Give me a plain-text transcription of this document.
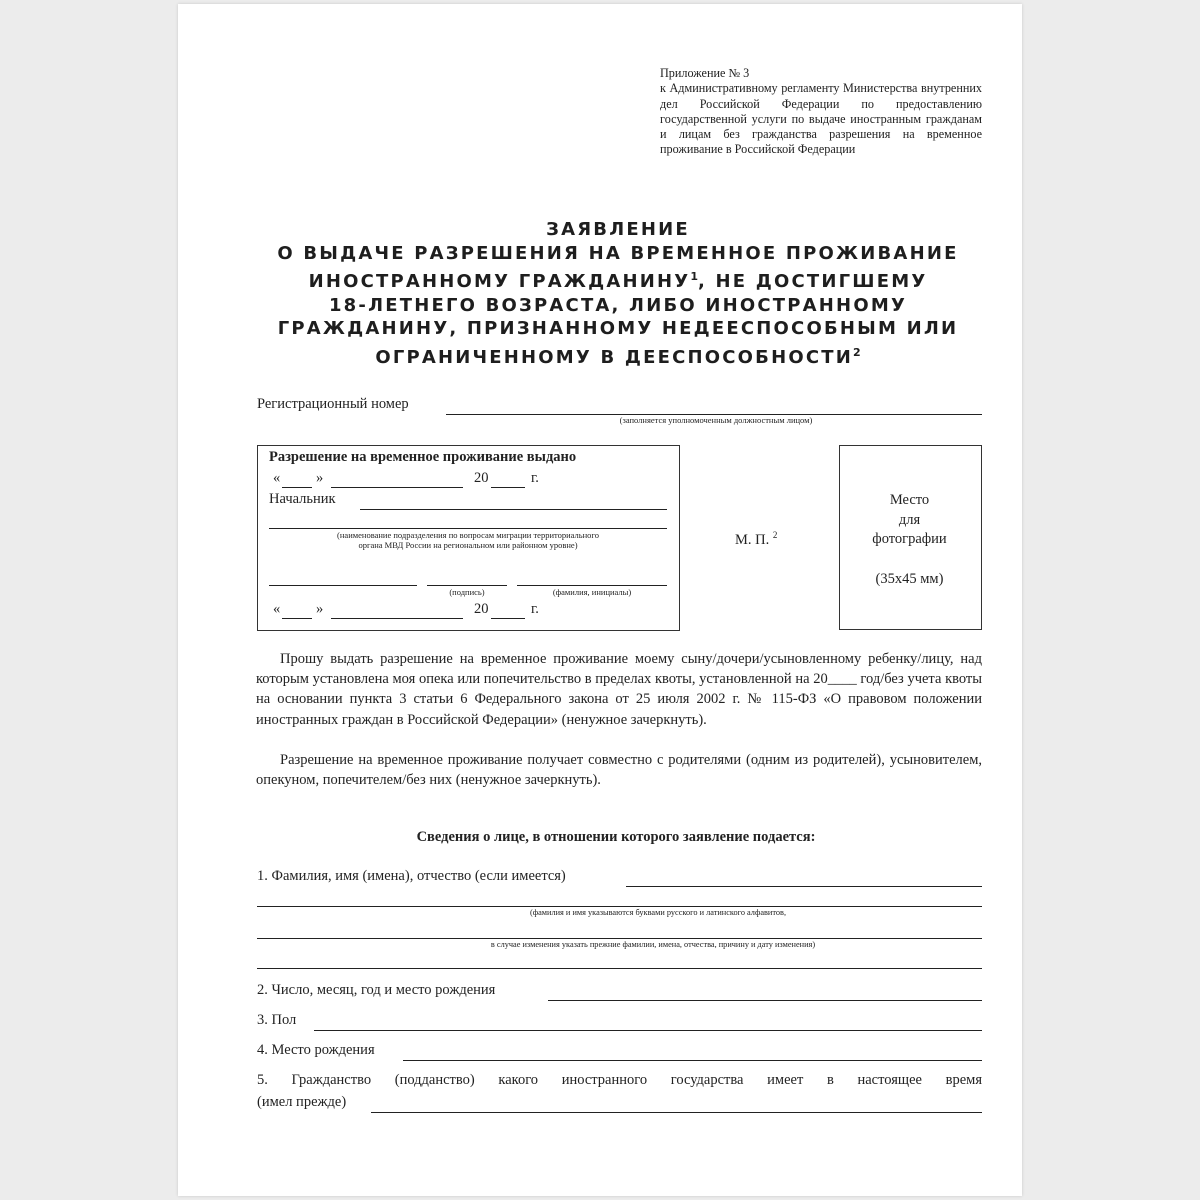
Приложение № 3
к Административному регламенту Министерства внутренних дел Российской Федерации по предоставлению государственной услуги по выдаче иностранным гражданам и лицам без гражданства разрешения на временное проживание в Российской Федерации
ЗАЯВЛЕНИЕ
О ВЫДАЧЕ РАЗРЕШЕНИЯ НА ВРЕМЕННОЕ ПРОЖИВАНИЕ
ИНОСТРАННОМУ ГРАЖДАНИНУ$^1$, НЕ ДОСТИГШЕМУ
18-ЛЕТНЕГО ВОЗРАСТА, ЛИБО ИНОСТРАННОМУ
ГРАЖДАНИНУ, ПРИЗНАННОМУ НЕДЕЕСПОСОБНЫМ ИЛИ
ОГРАНИЧЕННОМУ В ДЕЕСПОСОБНОСТИ$^2$
Регистрационный номер
(заполняется уполномоченным должностным лицом)
Разрешение на временное проживание выдано
« »	20	г.
Начальник
(наименование подразделения по вопросам миграции территориального органа МВД России на региональном или районном уровне)
(подпись)	(фамилия, инициалы)
« »	20	г.
М. П. $^2$
Место
для
фотографии
(35х45 мм)
Прошу выдать разрешение на временное проживание моему сыну/дочери/усыновленному ребенку/лицу, над которым установлена моя опека или попечительство в пределах квоты, установленной на 20____ год/без учета квоты на основании пункта 3 статьи 6 Федерального закона от 25 июля 2002 г. № 115-ФЗ «О правовом положении иностранных граждан в Российской Федерации» (ненужное зачеркнуть).
Разрешение на временное проживание получает совместно с родителями (одним из родителей), усыновителем, опекуном, попечителем/без них (ненужное зачеркнуть).
Сведения о лице, в отношении которого заявление подается:
1. Фамилия, имя (имена), отчество (если имеется)
(фамилия и имя указываются буквами русского и латинского алфавитов,
в случае изменения указать прежние фамилии, имена, отчества, причину и дату изменения)
2. Число, месяц, год и место рождения
3. Пол
4. Место рождения
5. Гражданство (подданство) какого иностранного государства имеет в настоящее время
(имел прежде)
